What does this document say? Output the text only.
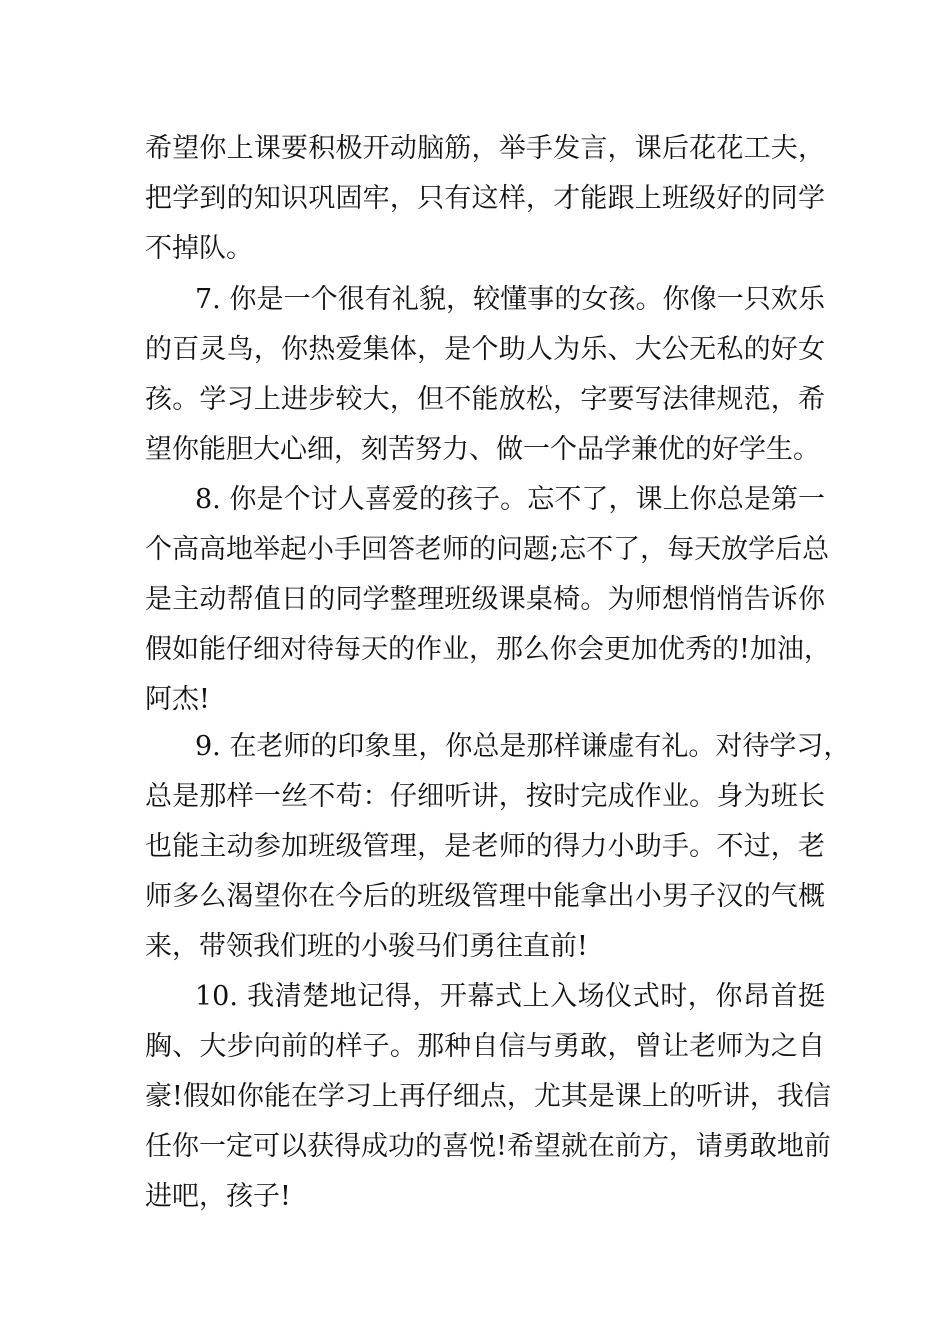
希望你上课要积极开动脑筋，举手发言，课后花花工夫，
把学到的知识巩固牢，只有这样，才能跟上班级好的同学
不掉队。
7. 你是一个很有礼貌，较懂事的女孩。你像一只欢乐
的百灵鸟，你热爱集体，是个助人为乐、大公无私的好女
孩。学习上进步较大，但不能放松，字要写法律规范，希
望你能胆大心细，刻苦努力、做一个品学兼优的好学生。
8. 你是个讨人喜爱的孩子。忘不了，课上你总是第一
个高高地举起小手回答老师的问题;忘不了，每天放学后总
是主动帮值日的同学整理班级课桌椅。为师想悄悄告诉你
假如能仔细对待每天的作业，那么你会更加优秀的!加油，
阿杰!
9. 在老师的印象里，你总是那样谦虚有礼。对待学习，
总是那样一丝不苟：仔细听讲，按时完成作业。身为班长
也能主动参加班级管理，是老师的得力小助手。不过，老
师多么渴望你在今后的班级管理中能拿出小男子汉的气概
来，带领我们班的小骏马们勇往直前!
10. 我清楚地记得，开幕式上入场仪式时，你昂首挺
胸、大步向前的样子。那种自信与勇敢，曾让老师为之自
豪!假如你能在学习上再仔细点，尤其是课上的听讲，我信
任你一定可以获得成功的喜悦!希望就在前方，请勇敢地前
进吧，孩子!
